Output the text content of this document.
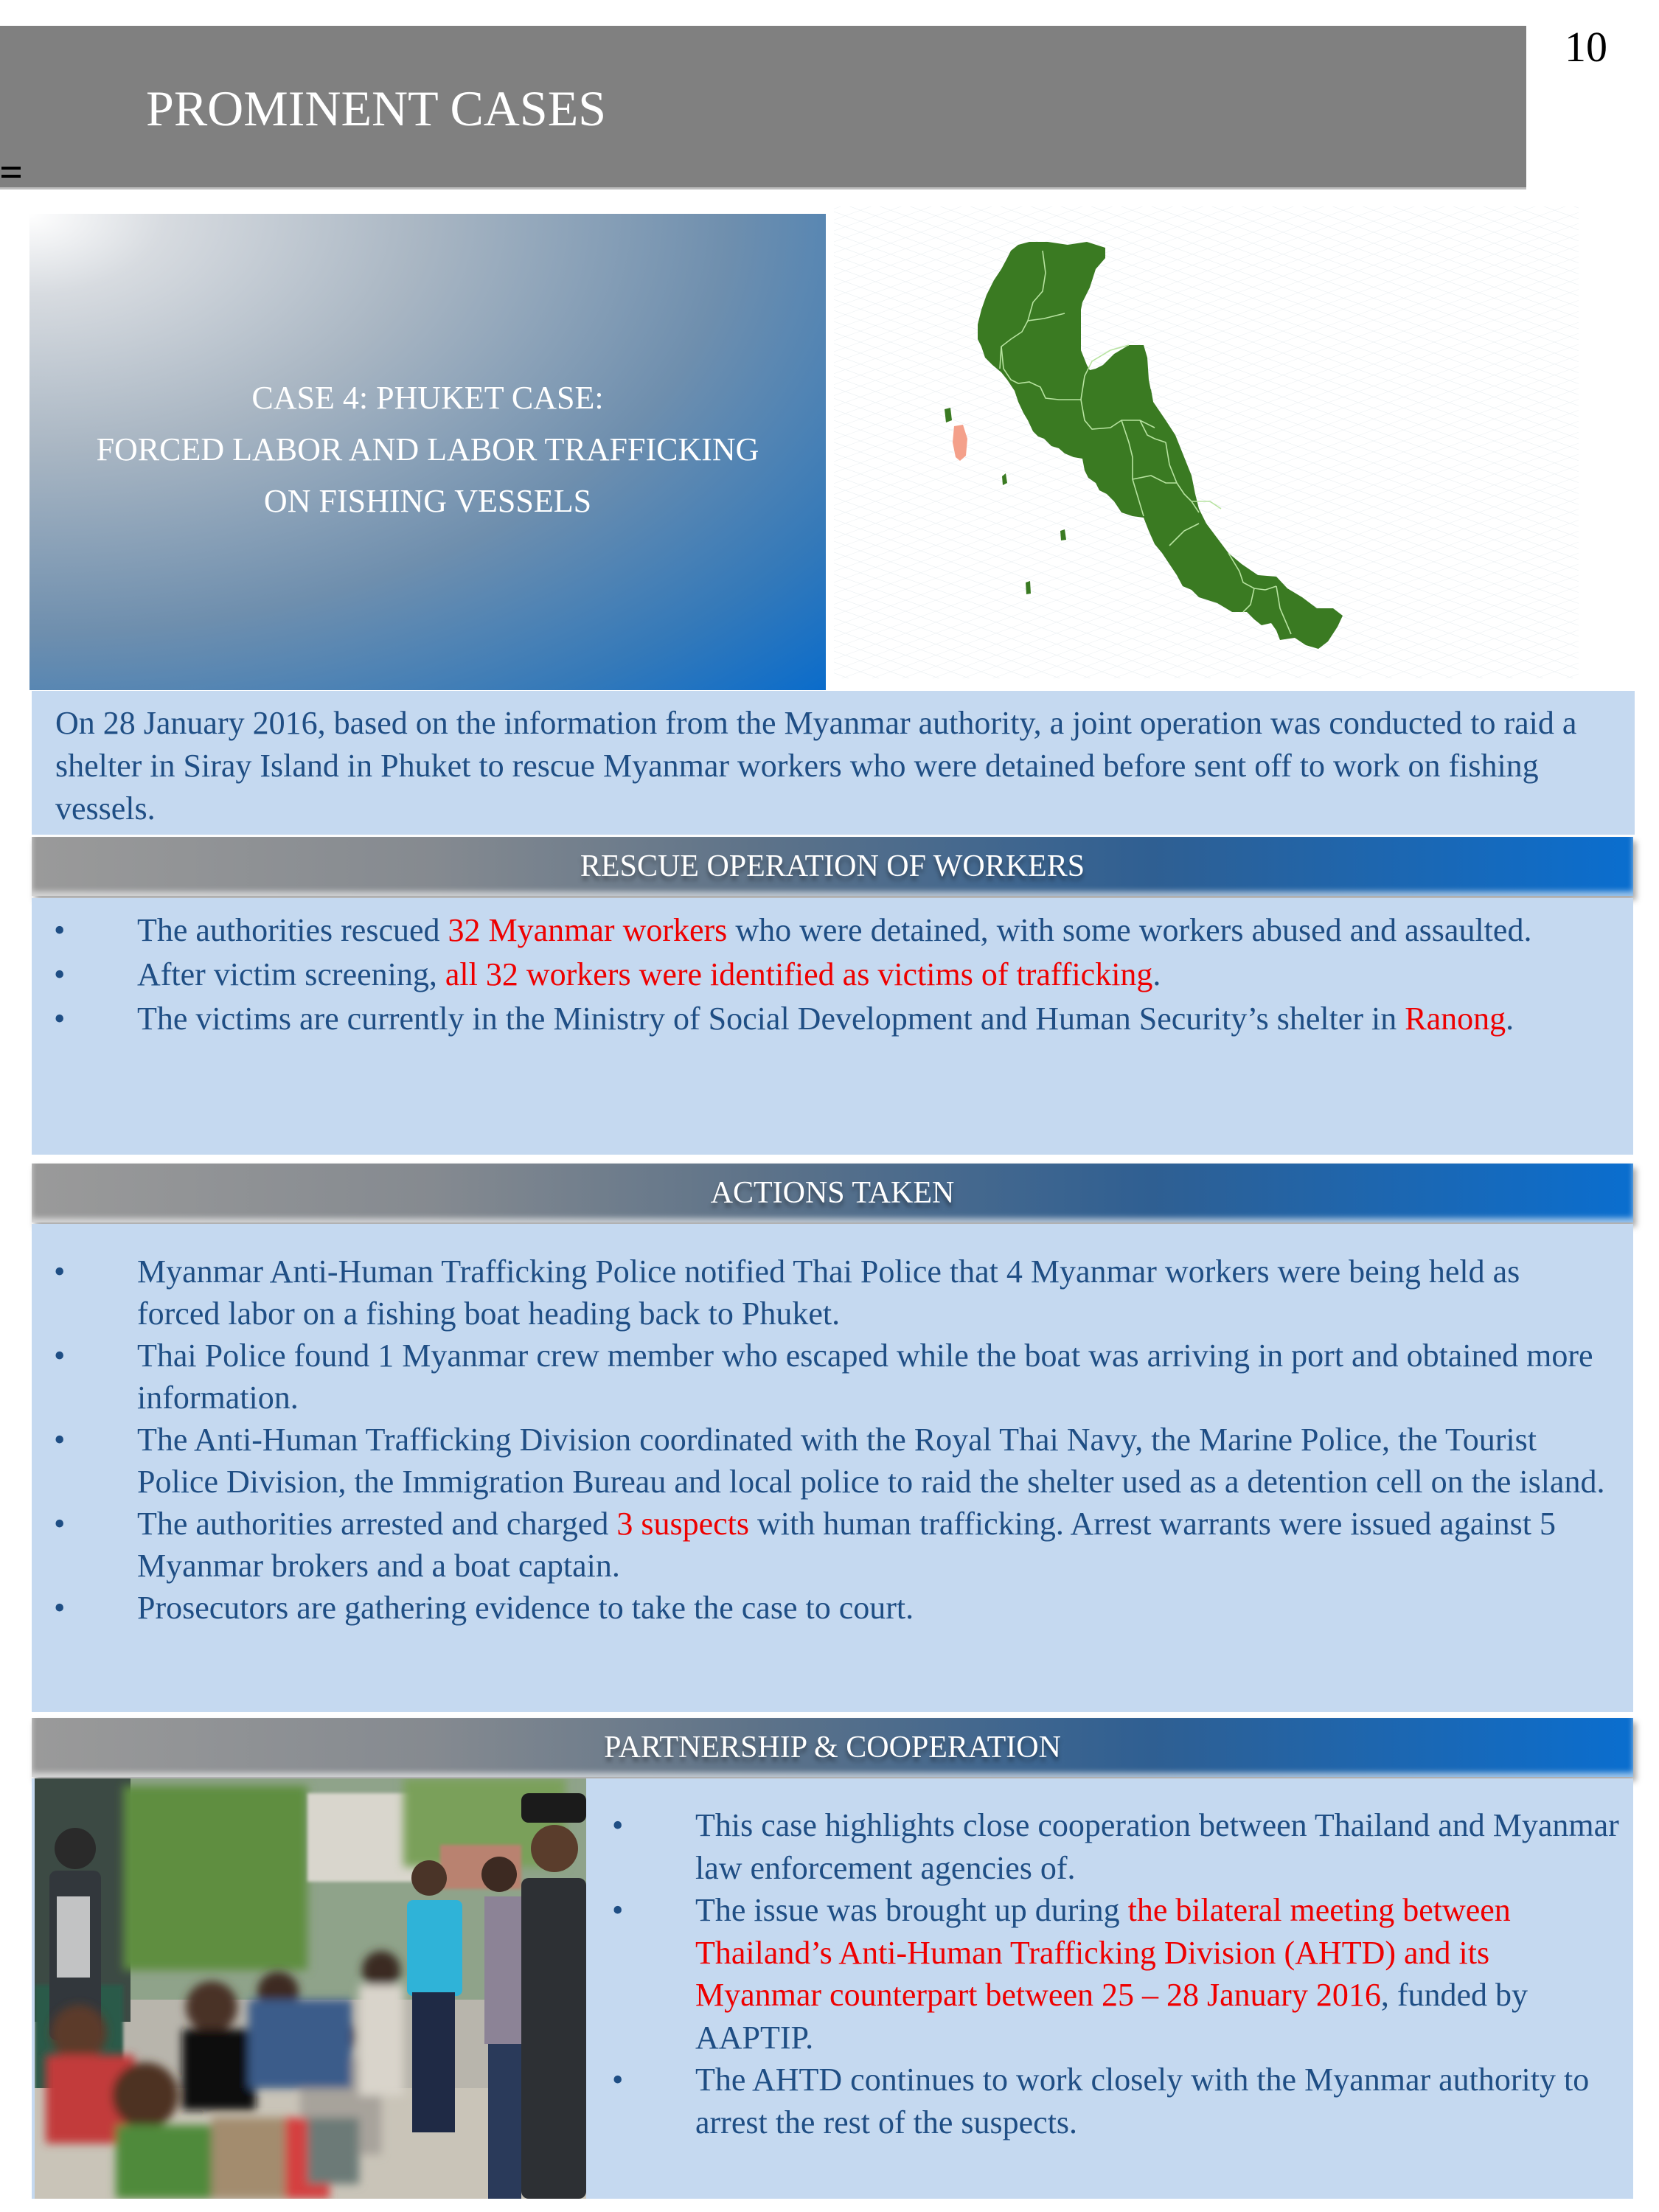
PROMINENT CASES
10
CASE 4: PHUKET CASE:
FORCED LABOR AND LABOR TRAFFICKING
ON FISHING VESSELS
On 28 January 2016, based on the information from the Myanmar authority, a joint operation was conducted to raid a shelter in Siray Island in Phuket to rescue Myanmar workers who were detained before sent off to work on fishing vessels.
RESCUE OPERATION OF WORKERS
• The authorities rescued 32 Myanmar workers who were detained, with some workers abused and assaulted.
• After victim screening, all 32 workers were identified as victims of trafficking.
• The victims are currently in the Ministry of Social Development and Human Security’s shelter in Ranong.
ACTIONS TAKEN
• Myanmar Anti-Human Trafficking Police notified Thai Police that 4 Myanmar workers were being held as forced labor on a fishing boat heading back to Phuket.
• Thai Police found 1 Myanmar crew member who escaped while the boat was arriving in port and obtained more information.
• The Anti-Human Trafficking Division coordinated with the Royal Thai Navy, the Marine Police, the Tourist Police Division, the Immigration Bureau and local police to raid the shelter used as a detention cell on the island.
• The authorities arrested and charged 3 suspects with human trafficking. Arrest warrants were issued against 5 Myanmar brokers and a boat captain.
• Prosecutors are gathering evidence to take the case to court.
PARTNERSHIP & COOPERATION
• This case highlights close cooperation between Thailand and Myanmar law enforcement agencies of.
• The issue was brought up during the bilateral meeting between Thailand’s Anti-Human Trafficking Division (AHTD) and its Myanmar counterpart between 25 – 28 January 2016, funded by AAPTIP.
• The AHTD continues to work closely with the Myanmar authority to arrest the rest of the suspects.
